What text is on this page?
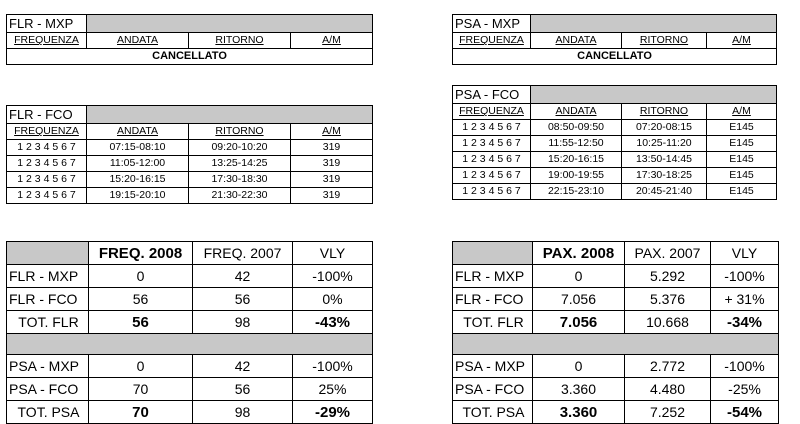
FLR - MXP			
FREQUENZA	ANDATA	RITORNO	A/M
CANCELLATO			
PSA - MXP			
FREQUENZA	ANDATA	RITORNO	A/M
CANCELLATO			
FLR - FCO			
FREQUENZA	ANDATA	RITORNO	A/M
1 2 3 4 5 6 7	07:15-08:10	09:20-10:20	319
1 2 3 4 5 6 7	11:05-12:00	13:25-14:25	319
1 2 3 4 5 6 7	15:20-16:15	17:30-18:30	319
1 2 3 4 5 6 7	19:15-20:10	21:30-22:30	319
PSA - FCO			
FREQUENZA	ANDATA	RITORNO	A/M
1 2 3 4 5 6 7	08:50-09:50	07:20-08:15	E145
1 2 3 4 5 6 7	11:55-12:50	10:25-11:20	E145
1 2 3 4 5 6 7	15:20-16:15	13:50-14:45	E145
1 2 3 4 5 6 7	19:00-19:55	17:30-18:25	E145
1 2 3 4 5 6 7	22:15-23:10	20:45-21:40	E145
	FREQ. 2008	FREQ. 2007	VLY
FLR - MXP	0	42	-100%
FLR - FCO	56	56	0%
TOT. FLR	56	98	-43%

PSA - MXP	0	42	-100%
PSA - FCO	70	56	25%
TOT. PSA	70	98	-29%
	PAX. 2008	PAX. 2007	VLY
FLR - MXP	0	5.292	-100%
FLR - FCO	7.056	5.376	+ 31%
TOT. FLR	7.056	10.668	-34%

PSA - MXP	0	2.772	-100%
PSA - FCO	3.360	4.480	-25%
TOT. PSA	3.360	7.252	-54%
